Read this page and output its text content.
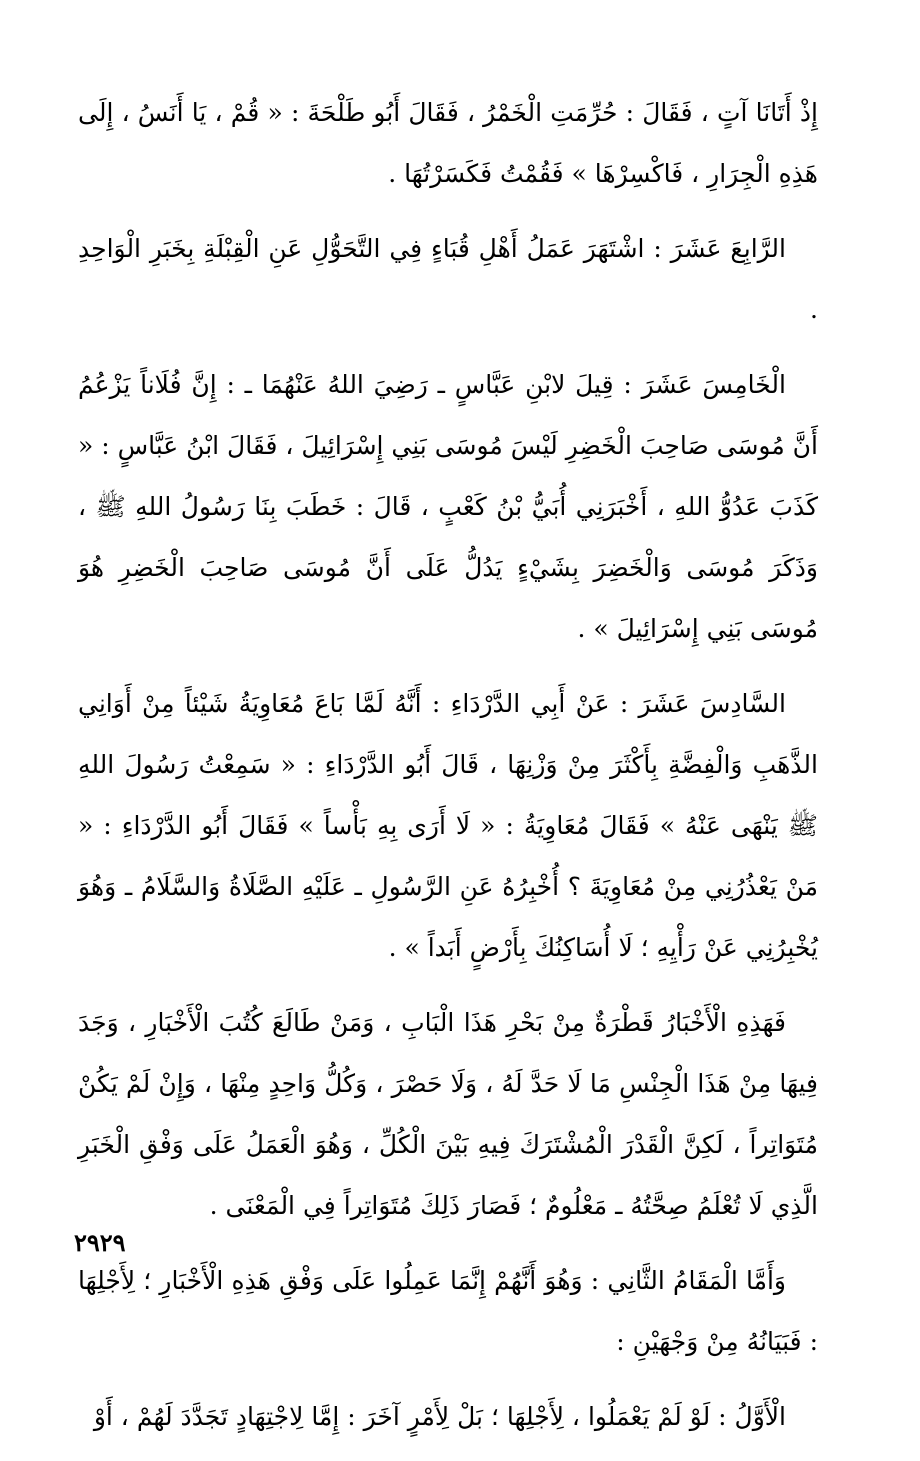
إِذْ أَتَانَا آتٍ ، فَقَالَ : حُرِّمَتِ الْخَمْرُ ، فَقَالَ أَبُو طَلْحَةَ : « قُمْ ، يَا أَنَسُ ، إِلَى هَذِهِ الْجِرَارِ ، فَاكْسِرْهَا » فَقُمْتُ فَكَسَرْتُهَا .

الرَّابِعَ عَشَرَ : اشْتَهَرَ عَمَلُ أَهْلِ قُبَاءٍ فِي التَّحَوُّلِ عَنِ الْقِبْلَةِ بِخَبَرِ الْوَاحِدِ .

الْخَامِسَ عَشَرَ : قِيلَ لابْنِ عَبَّاسٍ ـ رَضِيَ اللهُ عَنْهُمَا ـ : إِنَّ فُلَاناً يَزْعُمُ أَنَّ مُوسَى صَاحِبَ الْخَضِرِ لَيْسَ مُوسَى بَنِي إِسْرَائِيلَ ، فَقَالَ ابْنُ عَبَّاسٍ : « كَذَبَ عَدُوُّ اللهِ ، أَخْبَرَنِي أُبَيُّ بْنُ كَعْبٍ ، قَالَ : خَطَبَ بِنَا رَسُولُ اللهِ ﷺ ، وَذَكَرَ مُوسَى وَالْخَضِرَ بِشَيْءٍ يَدُلُّ عَلَى أَنَّ مُوسَى صَاحِبَ الْخَضِرِ هُوَ مُوسَى بَنِي إِسْرَائِيلَ » .

السَّادِسَ عَشَرَ : عَنْ أَبِي الدَّرْدَاءِ : أَنَّهُ لَمَّا بَاعَ مُعَاوِيَةُ شَيْئاً مِنْ أَوَانِي الذَّهَبِ وَالْفِضَّةِ بِأَكْثَرَ مِنْ وَزْنِهَا ، قَالَ أَبُو الدَّرْدَاءِ : « سَمِعْتُ رَسُولَ اللهِ ﷺ يَنْهَى عَنْهُ » فَقَالَ مُعَاوِيَةُ : « لَا أَرَى بِهِ بَأْساً » فَقَالَ أَبُو الدَّرْدَاءِ : « مَنْ يَعْذُرُنِي مِنْ مُعَاوِيَةَ ؟ أُخْبِرُهُ عَنِ الرَّسُولِ ـ عَلَيْهِ الصَّلَاةُ وَالسَّلَامُ ـ وَهُوَ يُخْبِرُنِي عَنْ رَأْيِهِ ؛ لَا أُسَاكِنُكَ بِأَرْضٍ أَبَداً » .

فَهَذِهِ الْأَخْبَارُ قَطْرَةٌ مِنْ بَحْرِ هَذَا الْبَابِ ، وَمَنْ طَالَعَ كُتُبَ الْأَخْبَارِ ، وَجَدَ فِيهَا مِنْ هَذَا الْجِنْسِ مَا لَا حَدَّ لَهُ ، وَلَا حَصْرَ ، وَكُلُّ وَاحِدٍ مِنْهَا ، وَإِنْ لَمْ يَكُنْ مُتَوَاتِراً ، لَكِنَّ الْقَدْرَ الْمُشْتَرَكَ فِيهِ بَيْنَ الْكُلِّ ، وَهُوَ الْعَمَلُ عَلَى وَفْقِ الْخَبَرِ الَّذِي لَا تُعْلَمُ صِحَّتُهُ ـ مَعْلُومٌ ؛ فَصَارَ ذَلِكَ مُتَوَاتِراً فِي الْمَعْنَى .

وَأَمَّا الْمَقَامُ الثَّانِي : وَهُوَ أَنَّهُمْ إِنَّمَا عَمِلُوا عَلَى وَفْقِ هَذِهِ الْأَخْبَارِ ؛ لِأَجْلِهَا : فَبَيَانُهُ مِنْ وَجْهَيْنِ :

الْأَوَّلُ : لَوْ لَمْ يَعْمَلُوا ، لِأَجْلِهَا ؛ بَلْ لِأَمْرٍ آخَرَ : إِمَّا لِاجْتِهَادٍ تَجَدَّدَ لَهُمْ ، أَوْ

٢٩٢٩
